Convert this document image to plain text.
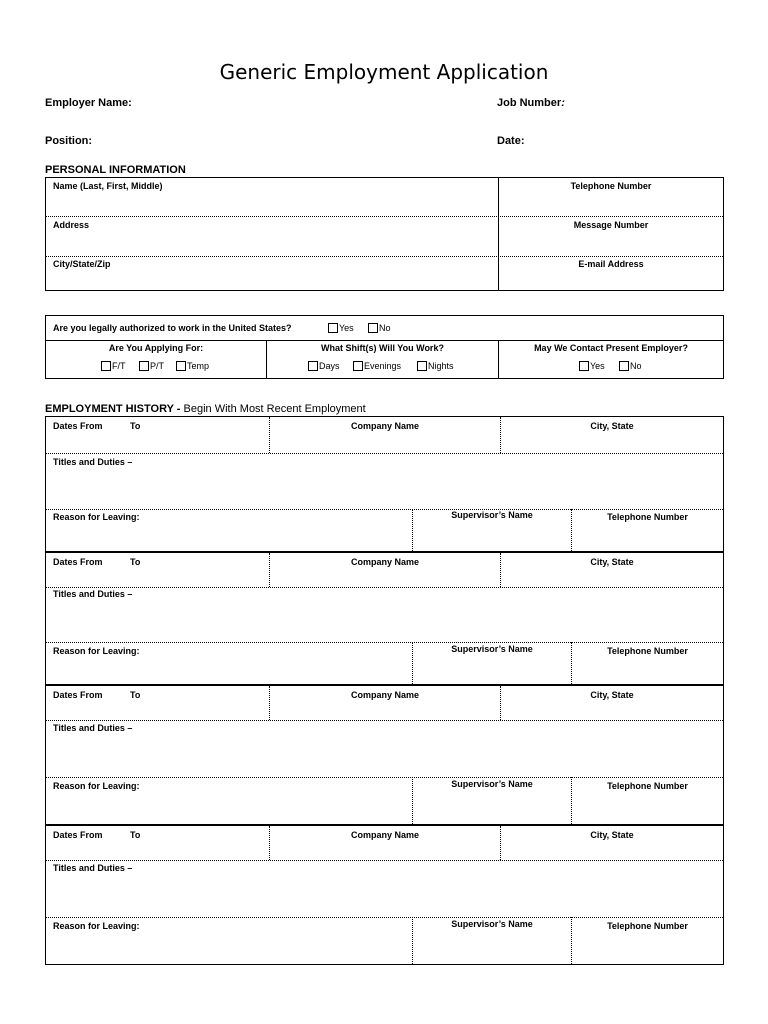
Generic Employment Application
Employer Name:	Job Number:
Position:	Date:
PERSONAL INFORMATION
Name (Last, First, Middle)	Telephone Number
Address	Message Number
City/State/Zip	E-mail Address
Are you legally authorized to work in the United States?	Yes	No
Are You Applying For:
F/T	P/T	Temp
What Shift(s) Will You Work?
Days	Evenings	Nights
May We Contact Present Employer?
Yes	No
EMPLOYMENT HISTORY - Begin With Most Recent Employment
Dates From	To	Company Name	City, State
Titles and Duties –
Reason for Leaving:	Supervisor’s Name	Telephone Number
Dates From	To	Company Name	City, State
Titles and Duties –
Reason for Leaving:	Supervisor’s Name	Telephone Number
Dates From	To	Company Name	City, State
Titles and Duties –
Reason for Leaving:	Supervisor’s Name	Telephone Number
Dates From	To	Company Name	City, State
Titles and Duties –
Reason for Leaving:	Supervisor’s Name	Telephone Number
